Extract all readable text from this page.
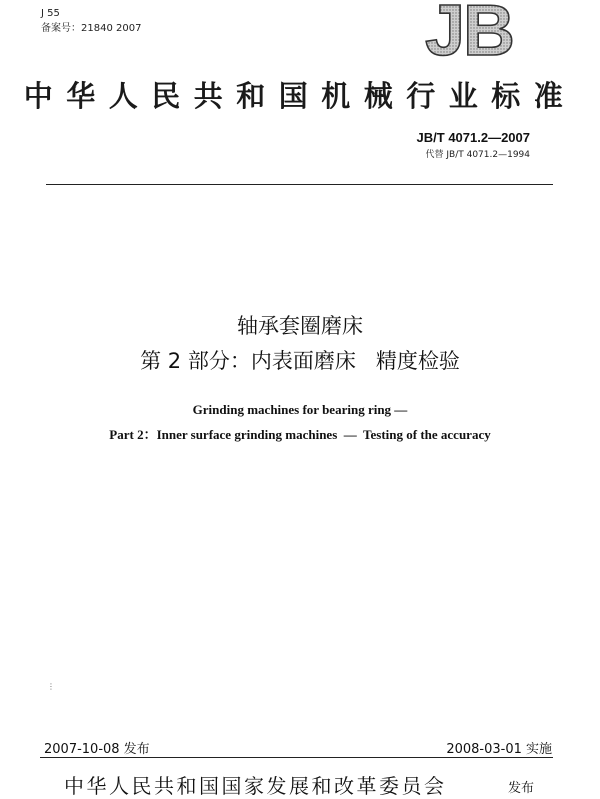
J 55
备案号：21840 2007	JB
中华人民共和国机械行业标准
JB/T 4071.2—2007
代替 JB/T 4071.2—1994
轴承套圈磨床
第 2 部分：内表面磨床   精度检验
Grinding machines for bearing ring —
Part 2：Inner surface grinding machines  —  Testing of the accuracy
⋮
2007-10-08 发布	2008-03-01 实施
中华人民共和国国家发展和改革委员会	发布
